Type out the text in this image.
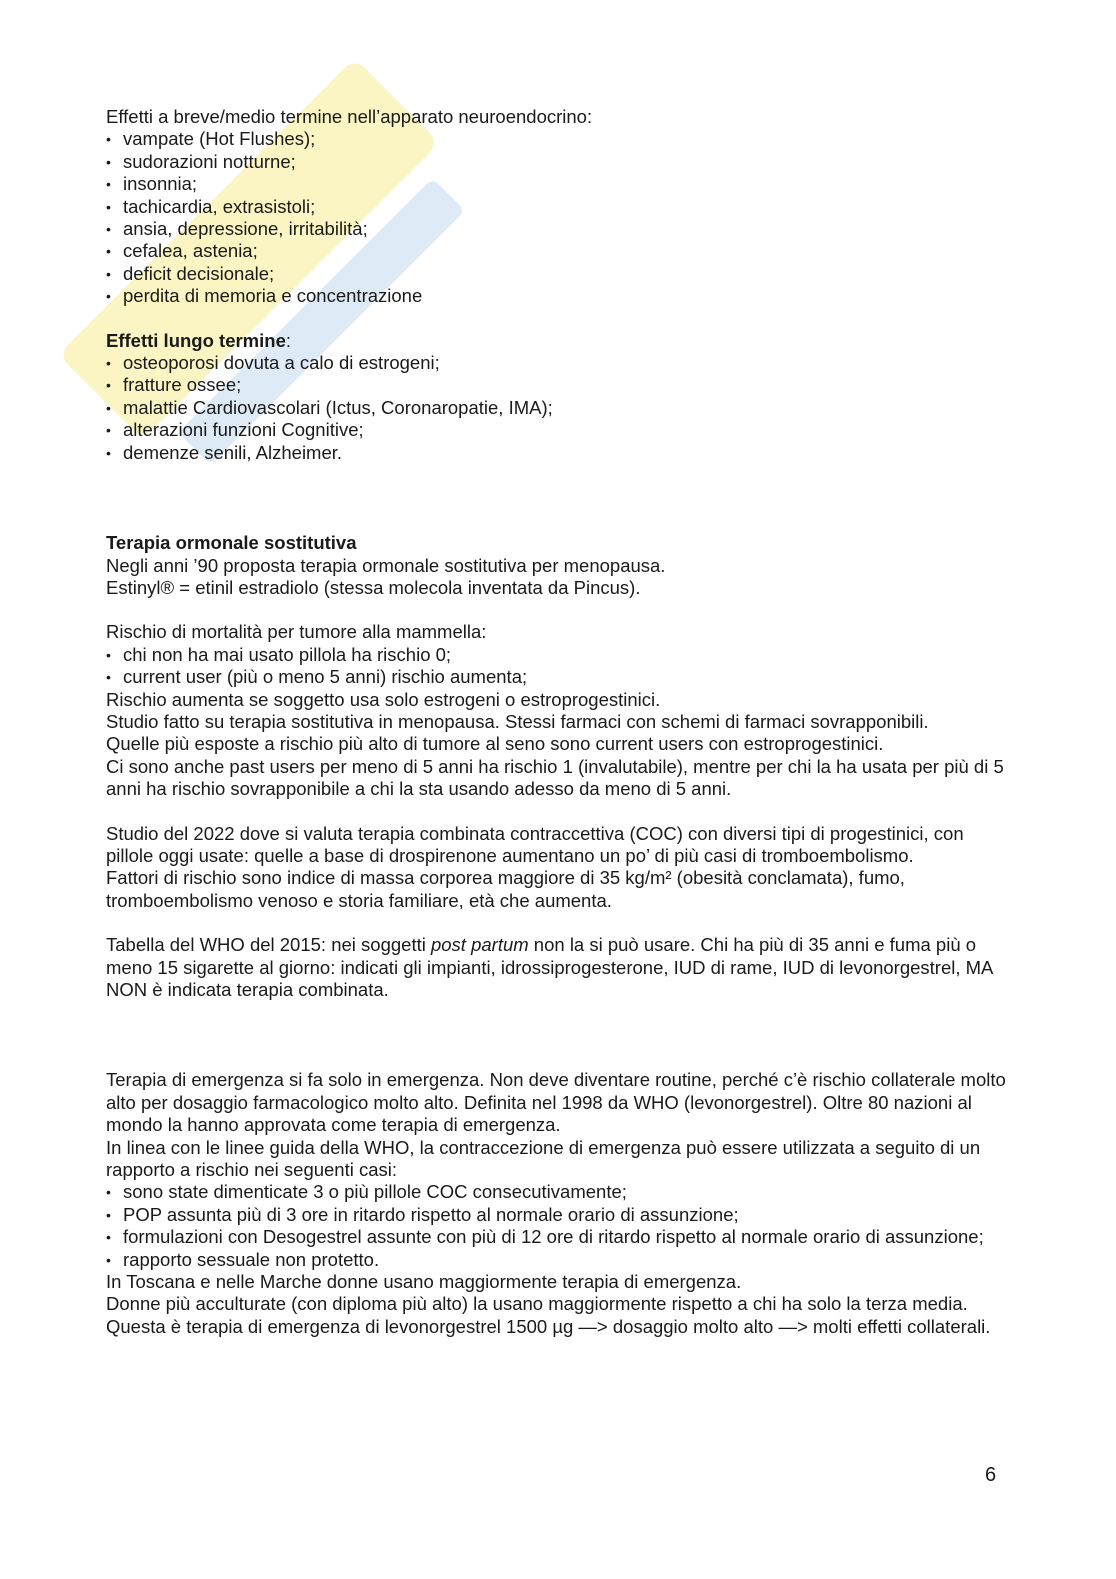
Effetti a breve/medio termine nell’apparato neuroendocrino:

• vampate (Hot Flushes);
• sudorazioni notturne;
• insonnia;
• tachicardia, extrasistoli;
• ansia, depressione, irritabilità;
• cefalea, astenia;
• deficit decisionale;
• perdita di memoria e concentrazione

Effetti lungo termine:

• osteoporosi dovuta a calo di estrogeni;
• fratture ossee;
• malattie Cardiovascolari (Ictus, Coronaropatie, IMA);
• alterazioni funzioni Cognitive;
• demenze senili, Alzheimer.

Terapia ormonale sostitutiva

Negli anni ’90 proposta terapia ormonale sostitutiva per menopausa.

Estinyl® = etinil estradiolo (stessa molecola inventata da Pincus).

Rischio di mortalità per tumore alla mammella:

• chi non ha mai usato pillola ha rischio 0;
• current user (più o meno 5 anni) rischio aumenta;

Rischio aumenta se soggetto usa solo estrogeni o estroprogestinici.

Studio fatto su terapia sostitutiva in menopausa. Stessi farmaci con schemi di farmaci sovrapponibili.

Quelle più esposte a rischio più alto di tumore al seno sono current users con estroprogestinici.

Ci sono anche past users per meno di 5 anni ha rischio 1 (invalutabile), mentre per chi la ha usata per più di 5 anni ha rischio sovrapponibile a chi la sta usando adesso da meno di 5 anni.

Studio del 2022 dove si valuta terapia combinata contraccettiva (COC) con diversi tipi di progestinici, con pillole oggi usate: quelle a base di drospirenone aumentano un po’ di più casi di tromboembolismo.

Fattori di rischio sono indice di massa corporea maggiore di 35 kg/m² (obesità conclamata), fumo, tromboembolismo venoso e storia familiare, età che aumenta.

Tabella del WHO del 2015: nei soggetti post partum non la si può usare. Chi ha più di 35 anni e fuma più o meno 15 sigarette al giorno: indicati gli impianti, idrossiprogesterone, IUD di rame, IUD di levonorgestrel, MA NON è indicata terapia combinata.

Terapia di emergenza si fa solo in emergenza. Non deve diventare routine, perché c’è rischio collaterale molto alto per dosaggio farmacologico molto alto. Definita nel 1998 da WHO (levonorgestrel). Oltre 80 nazioni al mondo la hanno approvata come terapia di emergenza.

In linea con le linee guida della WHO, la contraccezione di emergenza può essere utilizzata a seguito di un rapporto a rischio nei seguenti casi:

• sono state dimenticate 3 o più pillole COC consecutivamente;
• POP assunta più di 3 ore in ritardo rispetto al normale orario di assunzione;
• formulazioni con Desogestrel assunte con più di 12 ore di ritardo rispetto al normale orario di assunzione;
• rapporto sessuale non protetto.

In Toscana e nelle Marche donne usano maggiormente terapia di emergenza.

Donne più acculturate (con diploma più alto) la usano maggiormente rispetto a chi ha solo la terza media.

Questa è terapia di emergenza di levonorgestrel 1500 µg —> dosaggio molto alto —> molti effetti collaterali.

6
